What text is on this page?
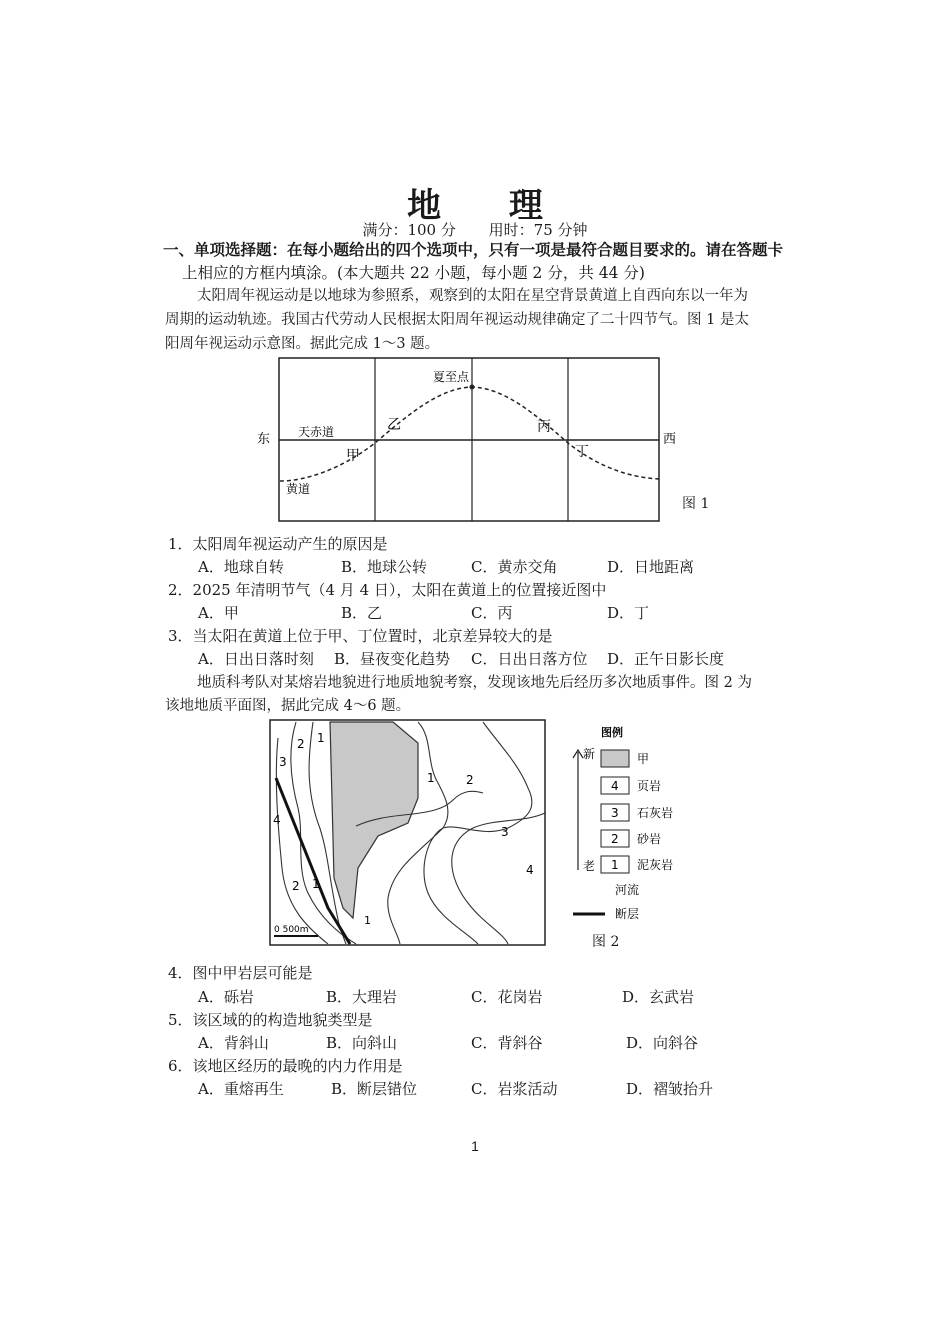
地 理
满分：100 分 用时：75 分钟
一、单项选择题：在每小题给出的四个选项中，只有一项是最符合题目要求的。请在答题卡
上相应的方框内填涂。(本大题共 22 小题，每小题 2 分，共 44 分)
太阳周年视运动是以地球为参照系，观察到的太阳在星空背景黄道上自西向东以一年为
周期的运动轨迹。我国古代劳动人民根据太阳周年视运动规律确定了二十四节气。图 1 是太
阳周年视运动示意图。据此完成 1～3 题。
东	西
天赤道
黄道
夏至点
甲
乙	丙
丁
图 1
1．太阳周年视运动产生的原因是
A．地球自转	B．地球公转	C．黄赤交角	D．日地距离
2．2025 年清明节气（4 月 4 日），太阳在黄道上的位置接近图中
A．甲	B．乙	C．丙	D．丁
3．当太阳在黄道上位于甲、丁位置时，北京差异较大的是
A．日出日落时刻 B．昼夜变化趋势 C．日出日落方位 D．正午日影长度
地质科考队对某熔岩地貌进行地质地貌考察，发现该地先后经历多次地质事件。图 2 为
该地地质平面图，据此完成 4～6 题。
0 500m
1
2
3
4
1	2
3
4
2 1
1
图例
新
老
甲
4 页岩
3 石灰岩
2 砂岩
1 泥灰岩
河流
断层
图 2
4．图中甲岩层可能是
A．砾岩	B．大理岩	C．花岗岩	D．玄武岩
5．该区域的的构造地貌类型是
A．背斜山	B．向斜山	C．背斜谷	D．向斜谷
6．该地区经历的最晚的内力作用是
A．重熔再生	B．断层错位	C．岩浆活动	D．褶皱抬升
1
